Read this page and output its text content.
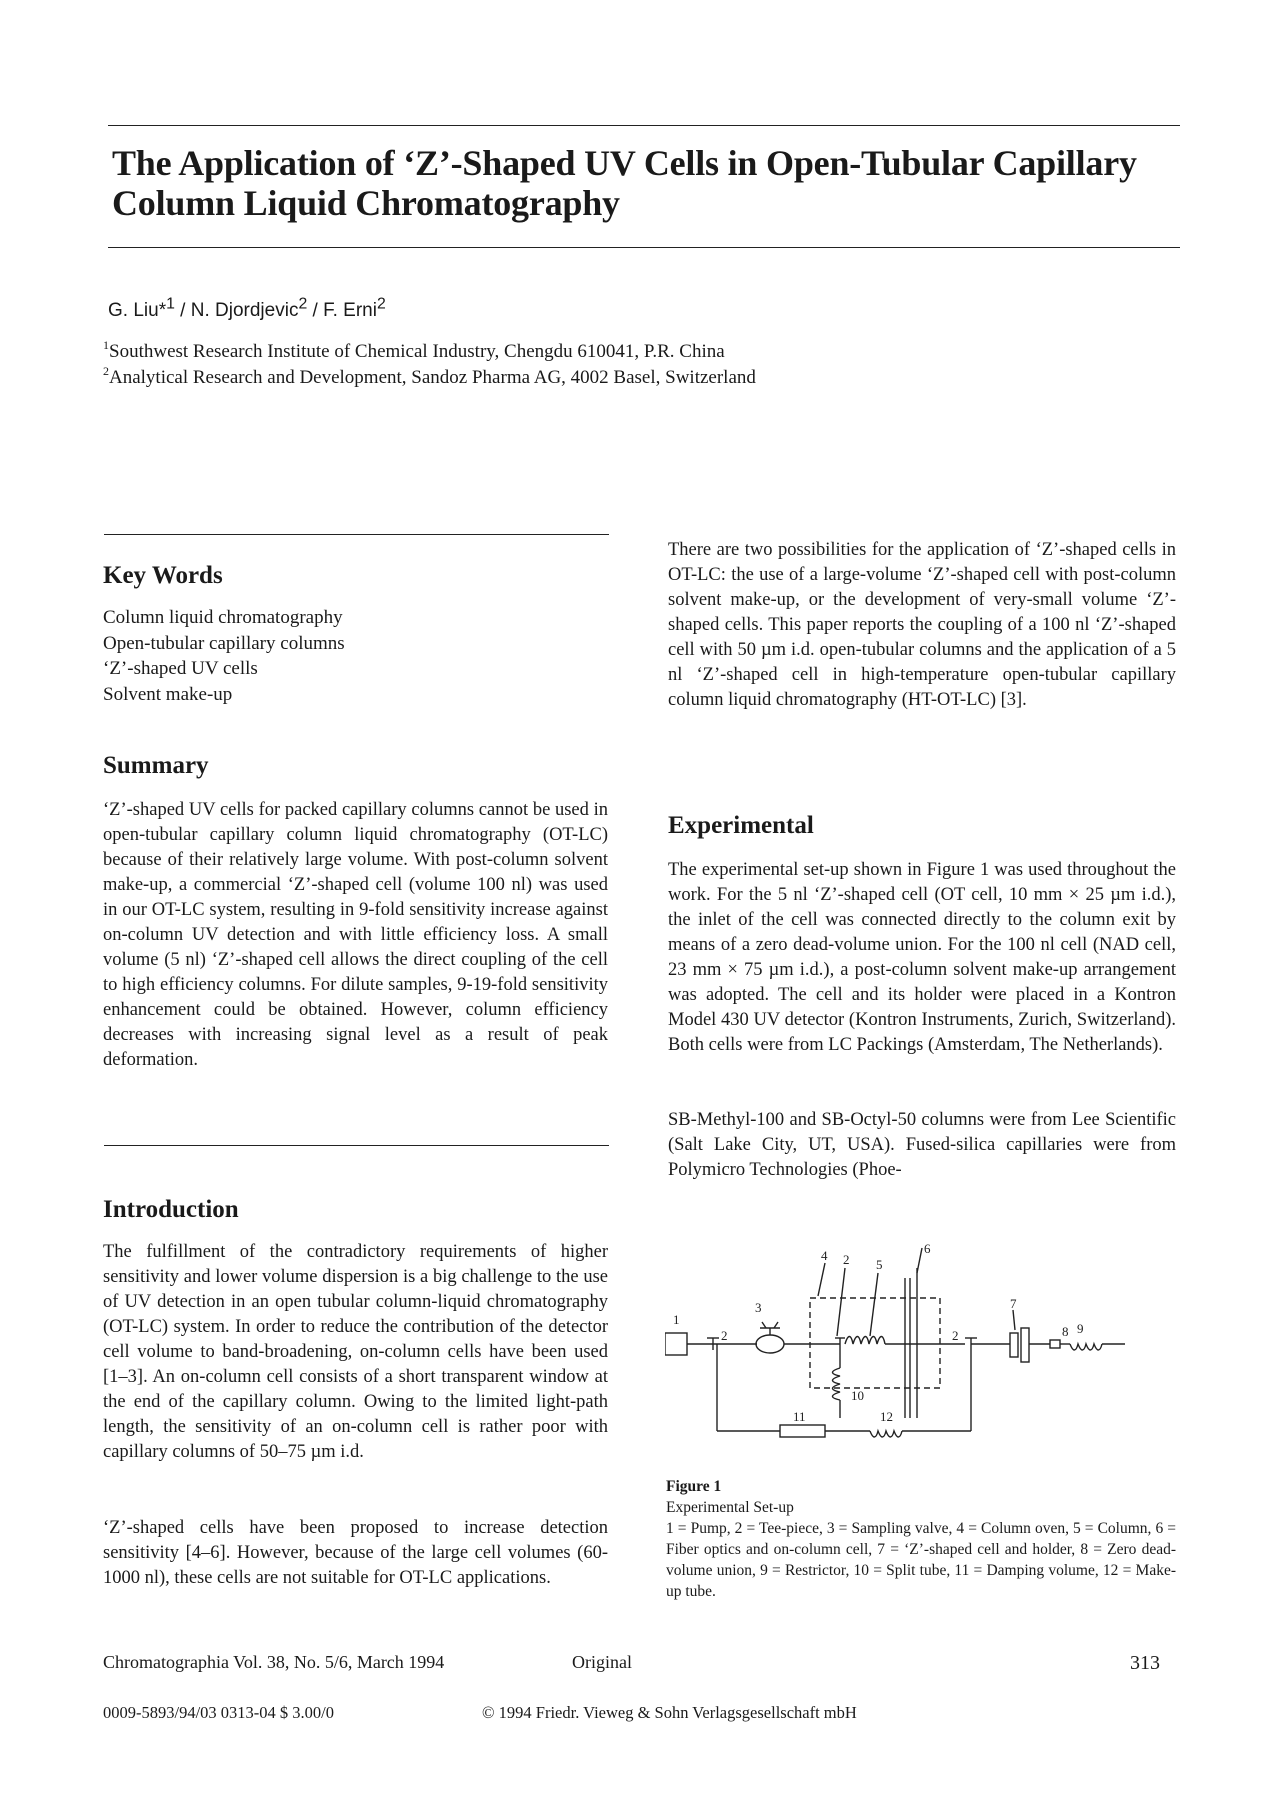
The Application of ‘Z’-Shaped UV Cells in Open-Tubular Capillary Column Liquid Chromatography
G. Liu*$^1$ / N. Djordjevic$^2$ / F. Erni$^2$
$^1$Southwest Research Institute of Chemical Industry, Chengdu 610041, P.R. China
$^2$Analytical Research and Development, Sandoz Pharma AG, 4002 Basel, Switzerland
Key Words
Column liquid chromatography
Open-tubular capillary columns
‘Z’-shaped UV cells
Solvent make-up
Summary

‘Z’-shaped UV cells for packed capillary columns cannot be used in open-tubular capillary column liquid chromatography (OT-LC) because of their relatively large volume. With post-column solvent make-up, a commercial ‘Z’-shaped cell (volume 100 nl) was used in our OT-LC system, resulting in 9-fold sensitivity increase against on-column UV detection and with little efficiency loss. A small volume (5 nl) ‘Z’-shaped cell allows the direct coupling of the cell to high efficiency columns. For dilute samples, 9-19-fold sensitivity enhancement could be obtained. However, column efficiency decreases with increasing signal level as a result of peak deformation.

Introduction

The fulfillment of the contradictory requirements of higher sensitivity and lower volume dispersion is a big challenge to the use of UV detection in an open tubular column-liquid chromatography (OT-LC) system. In order to reduce the contribution of the detector cell volume to band-broadening, on-column cells have been used [1–3]. An on-column cell consists of a short transparent window at the end of the capillary column. Owing to the limited light-path length, the sensitivity of an on-column cell is rather poor with capillary columns of 50–75 µm i.d.

‘Z’-shaped cells have been proposed to increase detection sensitivity [4–6]. However, because of the large cell volumes (60-1000 nl), these cells are not suitable for OT-LC applications.

There are two possibilities for the application of ‘Z’-shaped cells in OT-LC: the use of a large-volume ‘Z’-shaped cell with post-column solvent make-up, or the development of very-small volume ‘Z’-shaped cells. This paper reports the coupling of a 100 nl ‘Z’-shaped cell with 50 µm i.d. open-tubular columns and the application of a 5 nl ‘Z’-shaped cell in high-temperature open-tubular capillary column liquid chromatography (HT-OT-LC) [3].

Experimental

The experimental set-up shown in Figure 1 was used throughout the work. For the 5 nl ‘Z’-shaped cell (OT cell, 10 mm × 25 µm i.d.), the inlet of the cell was connected directly to the column exit by means of a zero dead-volume union. For the 100 nl cell (NAD cell, 23 mm × 75 µm i.d.), a post-column solvent make-up arrangement was adopted. The cell and its holder were placed in a Kontron Model 430 UV detector (Kontron Instruments, Zurich, Switzerland). Both cells were from LC Packings (Amsterdam, The Netherlands).

SB-Methyl-100 and SB-Octyl-50 columns were from Lee Scientific (Salt Lake City, UT, USA). Fused-silica capillaries were from Polymicro Technologies (Phoe-

1
2
3
4 2 5
6
2
7
8 9
10
11	12
Figure 1
Experimental Set-up
1 = Pump, 2 = Tee-piece, 3 = Sampling valve, 4 = Column oven, 5 = Column, 6 = Fiber optics and on-column cell, 7 = ‘Z’-shaped cell and holder, 8 = Zero dead-volume union, 9 = Restrictor, 10 = Split tube, 11 = Damping volume, 12 = Make-up tube.
Chromatographia Vol. 38, No. 5/6, March 1994	Original	313
0009-5893/94/03 0313-04 $ 3.00/0	© 1994 Friedr. Vieweg & Sohn Verlagsgesellschaft mbH
